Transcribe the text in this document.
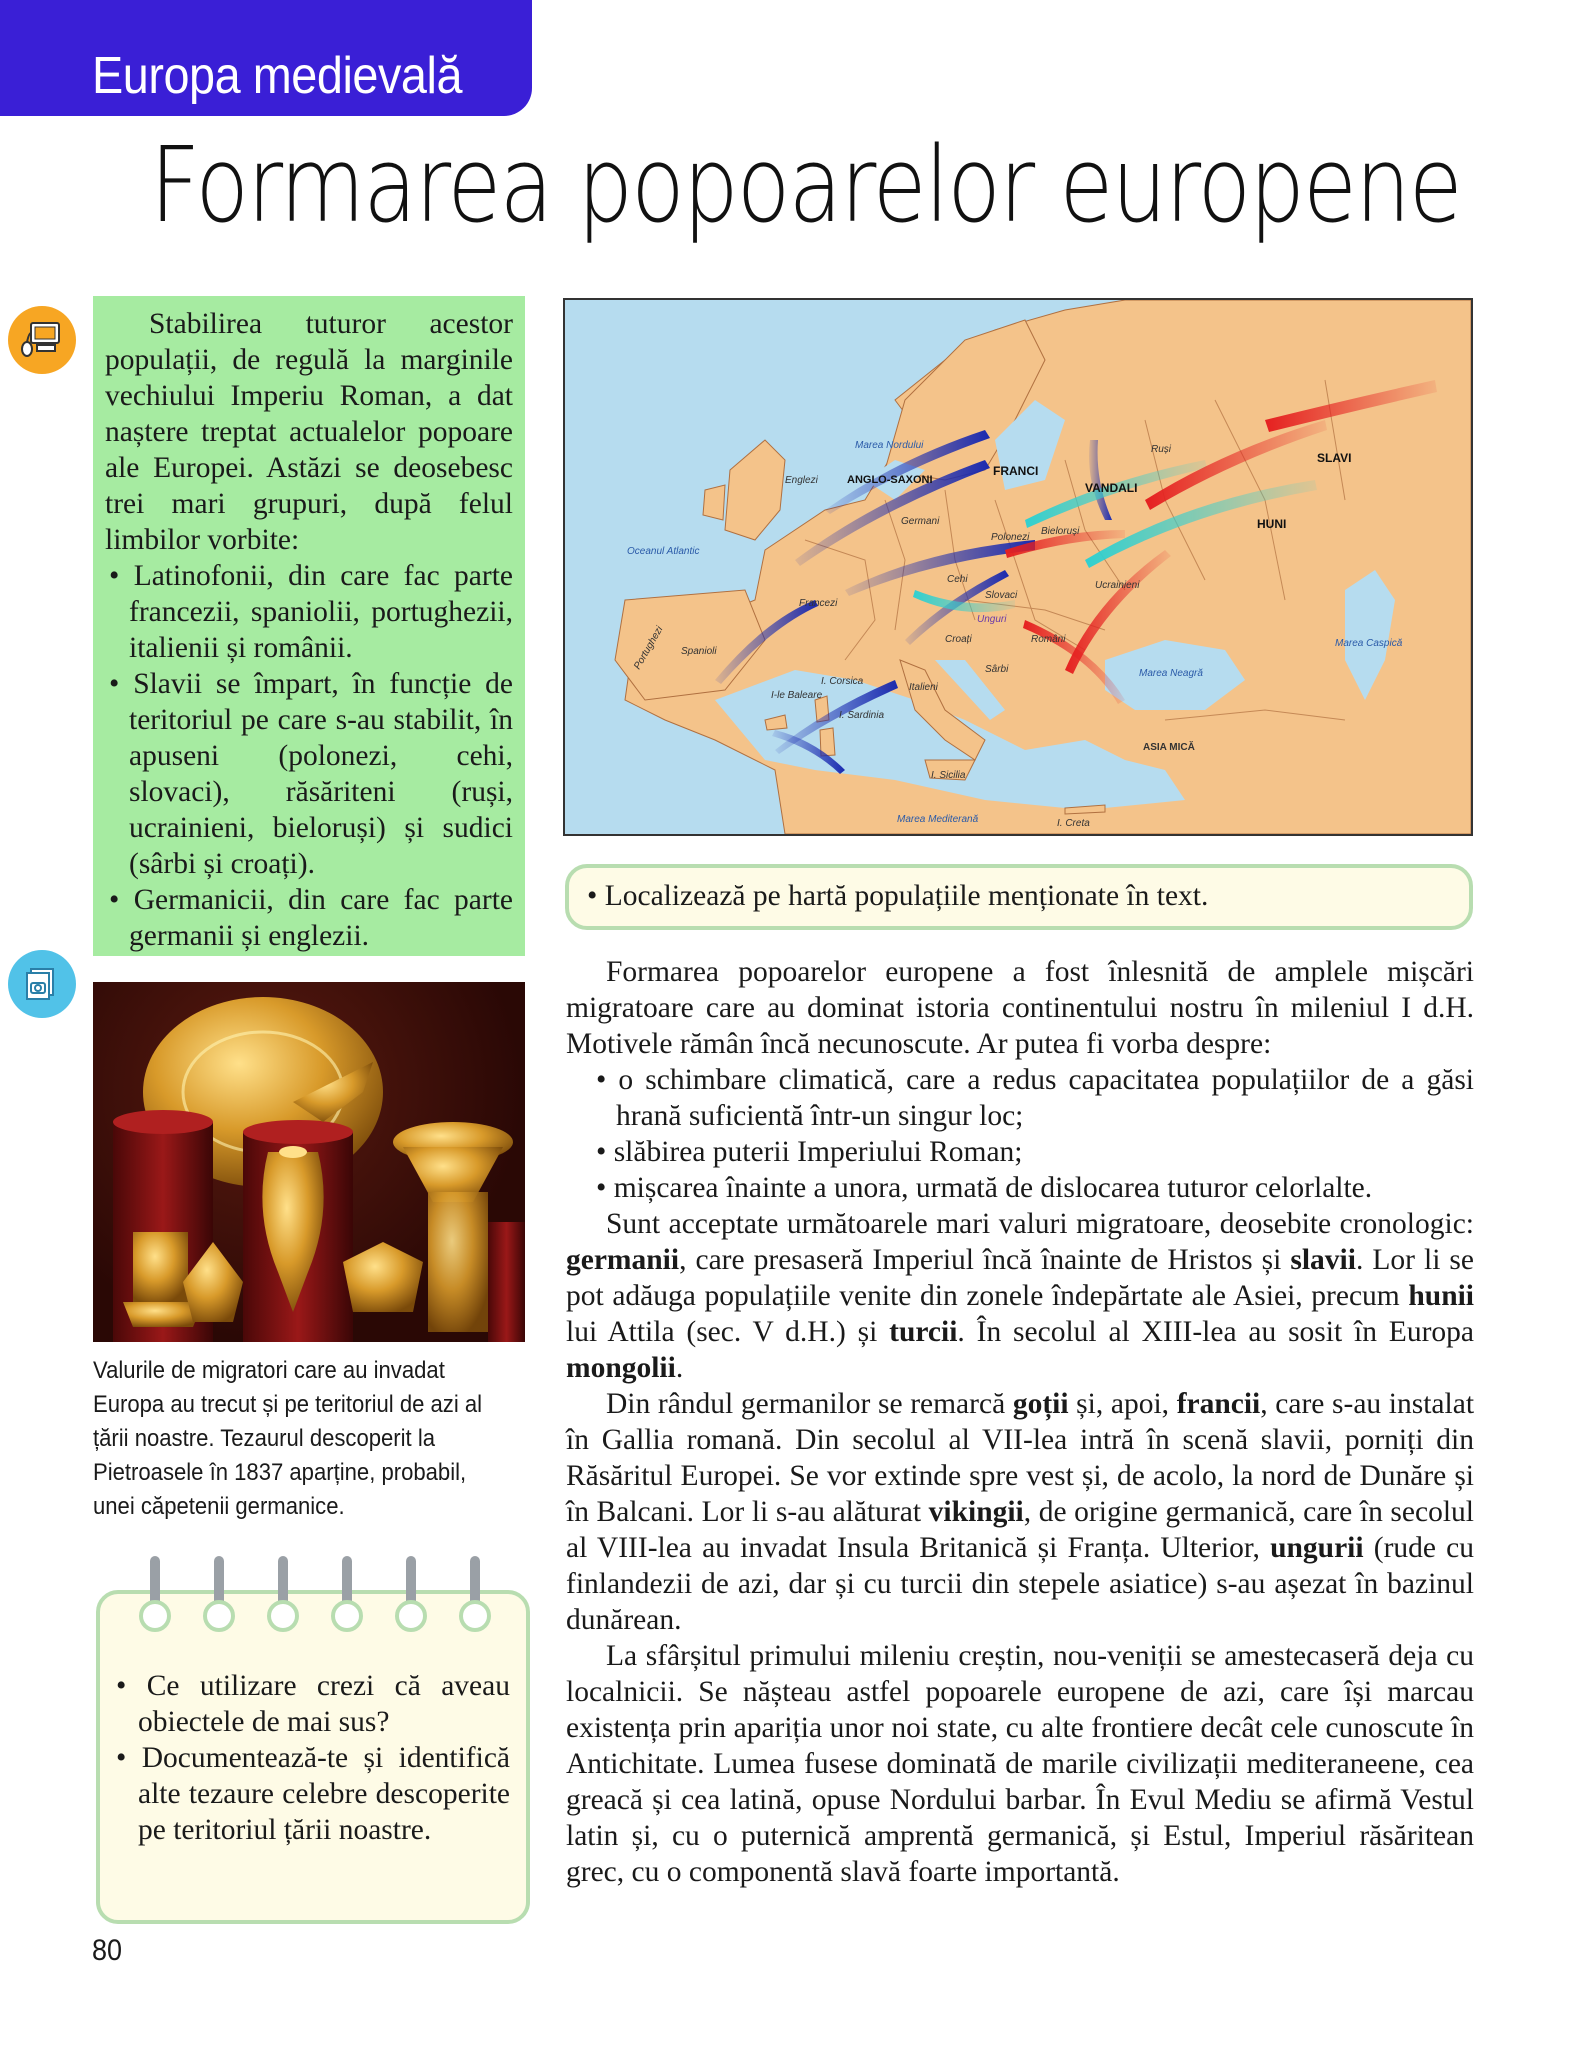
Europa medievală
Formarea popoarelor europene

Stabilirea tuturor acestor populații, de regulă la marginile vechiului Imperiu Roman, a dat naștere treptat actualelor popoare ale Europei. Astăzi se deosebesc trei mari grupuri, după felul limbilor vorbite:

• Latinofonii, din care fac parte francezii, spaniolii, portughezii, italienii și românii.
• Slavii se împart, în funcție de teritoriul pe care s-au stabilit, în apuseni (polonezi, cehi, slovaci), răsăriteni (ruși, ucrainieni, bieloruși) și sudici (sârbi și croați).
• Germanicii, din care fac parte germanii și englezii.
Valurile de migratori care au invadat Europa au trecut și pe teritoriul de azi al țării noastre. Tezaurul descoperit la Pietroasele în 1837 aparține, probabil, unei căpetenii germanice.
• Ce utilizare crezi că aveau obiectele de mai sus?
• Documentează-te și identifică alte tezaure celebre descoperite pe teritoriul țării noastre.
80
Marea Nordului
Oceanul Atlantic
Englezi	ANGLO-SAXONI
FRANCI
VANDALI
Ruși
SLAVI
HUNI
Germani
Polonezi
Bieloruși
Cehi
Slovaci
Ucrainieni
Francezi
Unguri
Croați	Români
Portughezi Spanioli
I. Corsica
Italieni
Sârbi	Marea Neagră
Marea Caspică
I-le Baleare
I. Sardinia
ASIA MICĂ
I. Sicilia
Marea Mediterană	I. Creta
• Localizează pe hartă populațiile menționate în text.

Formarea popoarelor europene a fost înlesnită de amplele mișcări migratoare care au dominat istoria continentului nostru în mileniul I d.H. Motivele rămân încă necunoscute. Ar putea fi vorba despre:

• o schimbare climatică, care a redus capacitatea populațiilor de a găsi hrană suficientă într-un singur loc;
• slăbirea puterii Imperiului Roman;
• mișcarea înainte a unora, urmată de dislocarea tuturor celorlalte.

Sunt acceptate următoarele mari valuri migratoare, deosebite cronologic: germanii, care presaseră Imperiul încă înainte de Hristos și slavii. Lor li se pot adăuga populațiile venite din zonele îndepărtate ale Asiei, precum hunii lui Attila (sec. V d.H.) și turcii. În secolul al XIII-lea au sosit în Europa mongolii.

Din rândul germanilor se remarcă goții și, apoi, francii, care s-au instalat în Gallia romană. Din secolul al VII-lea intră în scenă slavii, porniți din Răsăritul Europei. Se vor extinde spre vest și, de acolo, la nord de Dunăre și în Balcani. Lor li s-au alăturat vikingii, de origine germanică, care în secolul al VIII-lea au invadat Insula Britanică și Franța. Ulterior, ungurii (rude cu finlandezii de azi, dar și cu turcii din stepele asiatice) s-au așezat în bazinul dunărean.

La sfârșitul primului mileniu creștin, nou-veniții se amestecaseră deja cu localnicii. Se nășteau astfel popoarele europene de azi, care își marcau existența prin apariția unor noi state, cu alte frontiere decât cele cunoscute în Antichitate. Lumea fusese dominată de marile civilizații mediteraneene, cea greacă și cea latină, opuse Nordului barbar. În Evul Mediu se afirmă Vestul latin și, cu o puternică amprentă germanică, și Estul, Imperiul răsăritean grec, cu o componentă slavă foarte importantă.
